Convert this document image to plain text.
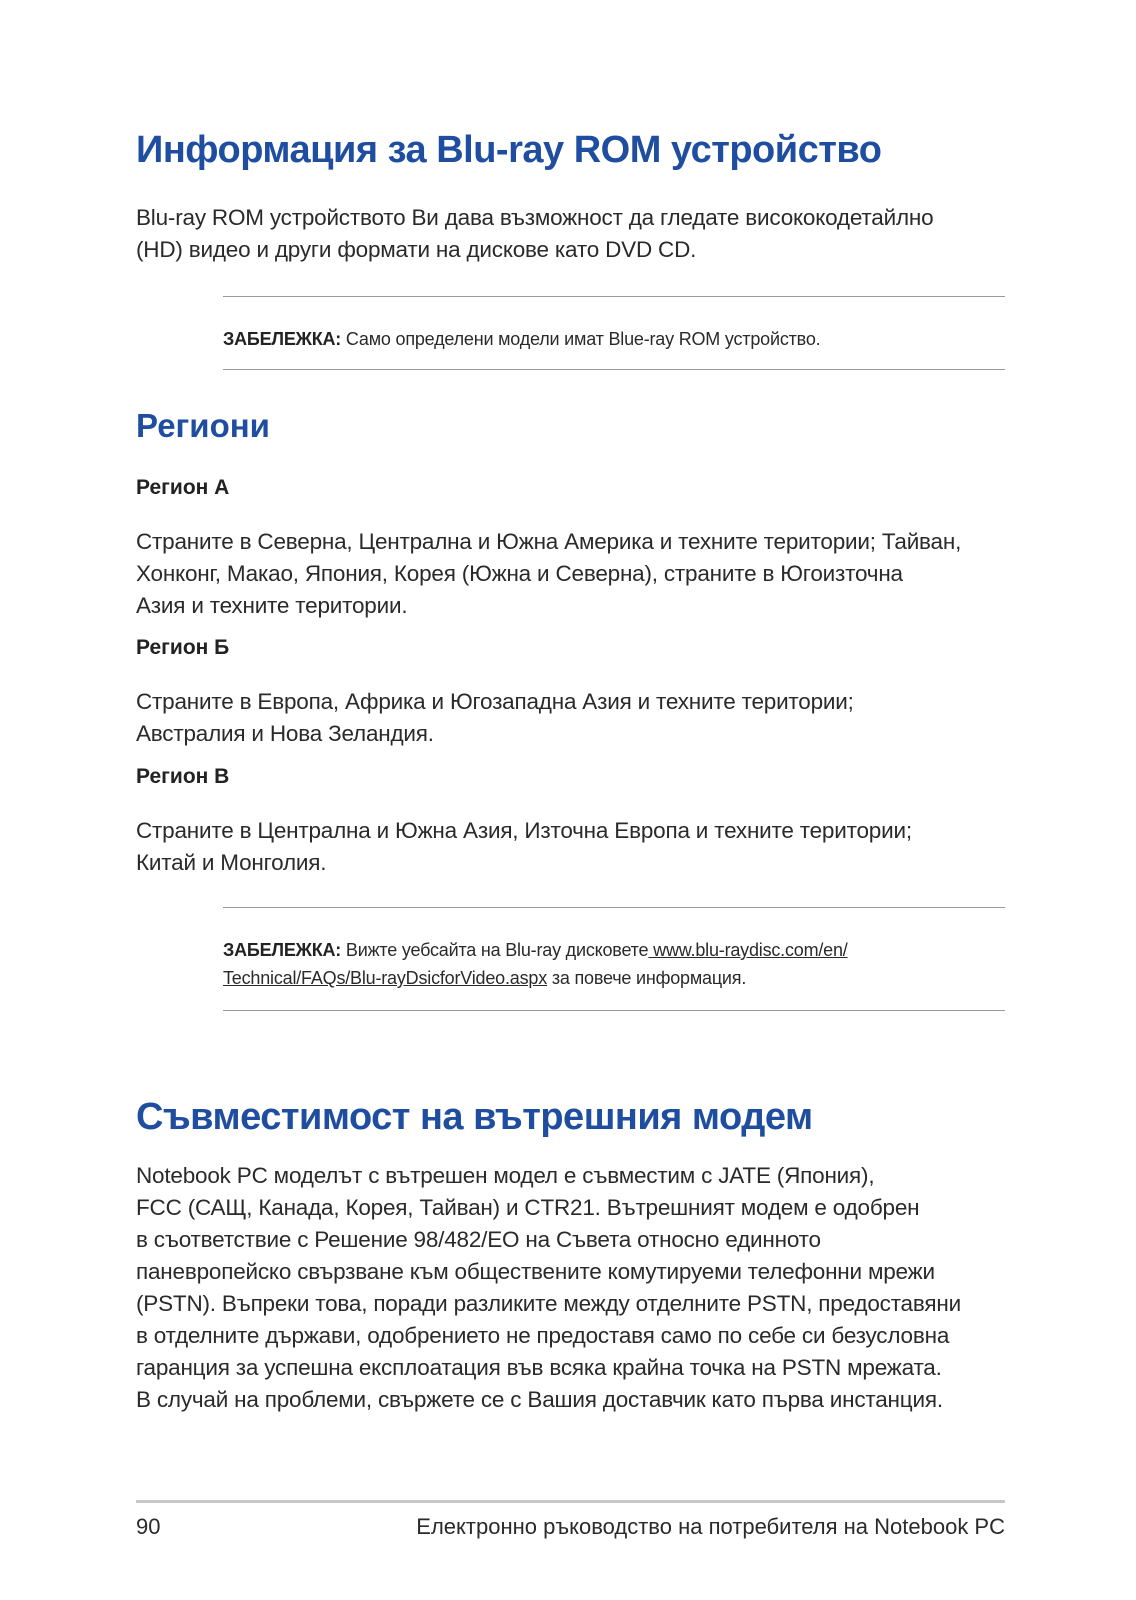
Информация за Blu-ray ROM устройство
Blu-ray ROM устройството Ви дава възможност да гледате висококодетайлно
(HD) видео и други формати на дискове като DVD CD.

ЗАБЕЛЕЖКА: Само определени модели имат Blue-ray ROM устройство.

Региони
Регион A
Страните в Северна, Централна и Южна Америка и техните територии; Тайван,
Хонконг, Макао, Япония, Корея (Южна и Северна), страните в Югоизточна
Азия и техните територии.
Регион Б
Страните в Европа, Африка и Югозападна Азия и техните територии;
Австралия и Нова Зеландия.
Регион В
Страните в Централна и Южна Азия, Източна Европа и техните територии;
Китай и Монголия.

ЗАБЕЛЕЖКА: Вижте уебсайта на Blu-ray дисковете www.blu-raydisc.com/en/
Technical/FAQs/Blu-rayDsicforVideo.aspx за повече информация.

Съвместимост на вътрешния модем
Notebook PC моделът с вътрешен модел е съвместим с JATE (Япония),
FCC (САЩ, Канада, Корея, Тайван) и CTR21. Вътрешният модем е одобрен
в съответствие с Решение 98/482/ЕО на Съвета относно единното
паневропейско свързване към обществените комутируеми телефонни мрежи
(PSTN). Въпреки това, поради разликите между отделните PSTN, предоставяни
в отделните държави, одобрението не предоставя само по себе си безусловна
гаранция за успешна експлоатация във всяка крайна точка на PSTN мрежата.
В случай на проблеми, свържете се с Вашия доставчик като първа инстанция.
90	Електронно ръководство на потребителя на Notebook PC
